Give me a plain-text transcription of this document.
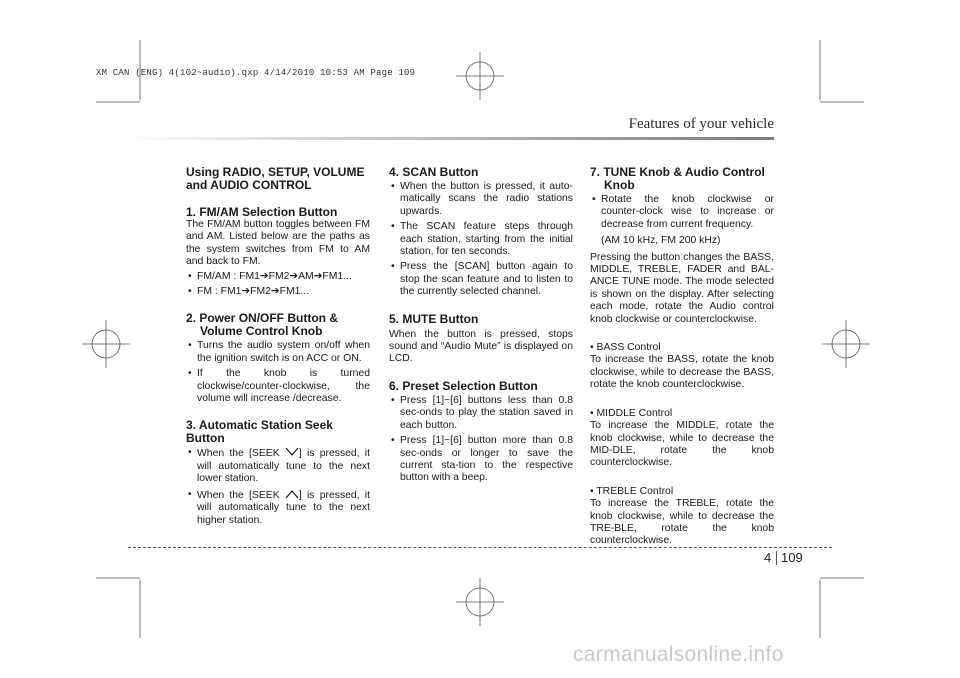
XM CAN (ENG) 4(102~audio).qxp 4/14/2010 10:53 AM Page 109
Features of your vehicle
Using RADIO, SETUP, VOLUME and AUDIO CONTROL
1. FM/AM Selection Button

The FM/AM button toggles between FM and AM. Listed below are the paths as the system switches from FM to AM and back to FM.

• FM/AM : FM1➔FM2➔AM➔FM1...
• FM : FM1➔FM2➔FM1...
2. Power ON/OFF Button & Volume Control Knob
• Turns the audio system on/off when the ignition switch is on ACC or ON.
• If the knob is turned clockwise/counter-clockwise, the volume will increase /decrease.
3. Automatic Station Seek Button
• When the [SEEK ] is pressed, it will automatically tune to the next lower station.
• When the [SEEK ] is pressed, it will automatically tune to the next higher station.
4. SCAN Button
• When the button is pressed, it auto-matically scans the radio stations upwards.
• The SCAN feature steps through each station, starting from the initial station, for ten seconds.
• Press the [SCAN] button again to stop the scan feature and to listen to the currently selected channel.
5. MUTE Button

When the button is pressed, stops sound and “Audio Mute” is displayed on LCD.

6. Preset Selection Button
• Press [1]~[6] buttons less than 0.8 sec-onds to play the station saved in each button.
• Press [1]~[6] button more than 0.8 sec-onds or longer to save the current sta-tion to the respective button with a beep.
7. TUNE Knob & Audio Control Knob
• Rotate the knob clockwise or counter-clock wise to increase or decrease from current frequency.

(AM 10 kHz, FM 200 kHz)

Pressing the button changes the BASS, MIDDLE, TREBLE, FADER and BAL-ANCE TUNE mode. The mode selected is shown on the display. After selecting each mode, rotate the Audio control knob clockwise or counterclockwise.

• BASS Control

To increase the BASS, rotate the knob clockwise, while to decrease the BASS, rotate the knob counterclockwise.

• MIDDLE Control

To increase the MIDDLE, rotate the knob clockwise, while to decrease the MID-DLE, rotate the knob counterclockwise.

• TREBLE Control

To increase the TREBLE, rotate the knob clockwise, while to decrease the TRE-BLE, rotate the knob counterclockwise.

4 109
carmanualsonline.info
